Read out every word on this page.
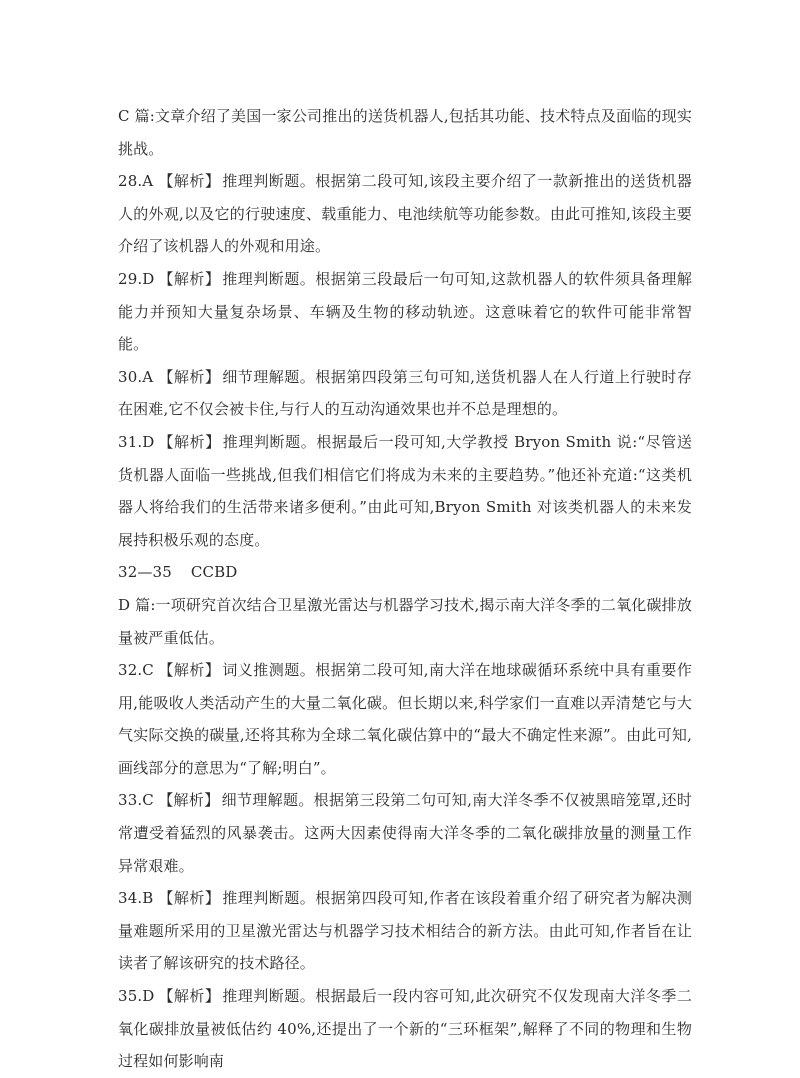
C 篇:文章介绍了美国一家公司推出的送货机器人,包括其功能、技术特点及面临的现实挑战。

28.A 【解析】 推理判断题。根据第二段可知,该段主要介绍了一款新推出的送货机器人的外观,以及它的行驶速度、载重能力、电池续航等功能参数。由此可推知,该段主要介绍了该机器人的外观和用途。

29.D 【解析】 推理判断题。根据第三段最后一句可知,这款机器人的软件须具备理解能力并预知大量复杂场景、车辆及生物的移动轨迹。这意味着它的软件可能非常智能。

30.A 【解析】 细节理解题。根据第四段第三句可知,送货机器人在人行道上行驶时存在困难,它不仅会被卡住,与行人的互动沟通效果也并不总是理想的。

31.D 【解析】 推理判断题。根据最后一段可知,大学教授 Bryon Smith 说:“尽管送货机器人面临一些挑战,但我们相信它们将成为未来的主要趋势。”他还补充道:“这类机器人将给我们的生活带来诸多便利。”由此可知,Bryon Smith 对该类机器人的未来发展持积极乐观的态度。

32—35 CCBD

D 篇:一项研究首次结合卫星激光雷达与机器学习技术,揭示南大洋冬季的二氧化碳排放量被严重低估。

32.C 【解析】 词义推测题。根据第二段可知,南大洋在地球碳循环系统中具有重要作用,能吸收人类活动产生的大量二氧化碳。但长期以来,科学家们一直难以弄清楚它与大气实际交换的碳量,还将其称为全球二氧化碳估算中的“最大不确定性来源”。由此可知,画线部分的意思为“了解;明白”。

33.C 【解析】 细节理解题。根据第三段第二句可知,南大洋冬季不仅被黑暗笼罩,还时常遭受着猛烈的风暴袭击。这两大因素使得南大洋冬季的二氧化碳排放量的测量工作异常艰难。

34.B 【解析】 推理判断题。根据第四段可知,作者在该段着重介绍了研究者为解决测量难题所采用的卫星激光雷达与机器学习技术相结合的新方法。由此可知,作者旨在让读者了解该研究的技术路径。

35.D 【解析】 推理判断题。根据最后一段内容可知,此次研究不仅发现南大洋冬季二氧化碳排放量被低估约 40%,还提出了一个新的“三环框架”,解释了不同的物理和生物过程如何影响南
